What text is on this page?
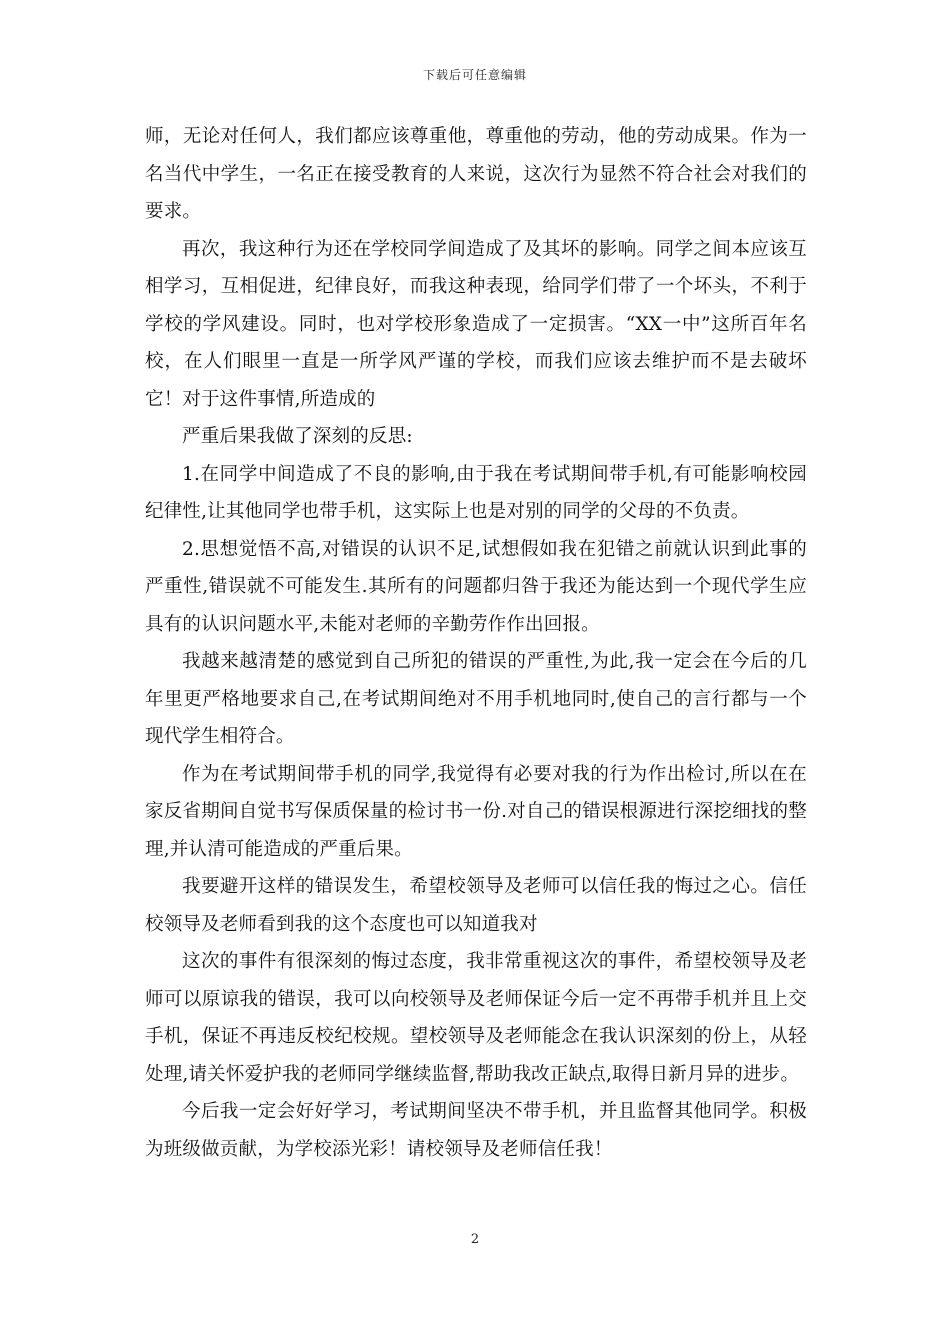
下载后可任意编辑

师，无论对任何人，我们都应该尊重他，尊重他的劳动，他的劳动成果。作为一名当代中学生，一名正在接受教育的人来说，这次行为显然不符合社会对我们的要求。

再次，我这种行为还在学校同学间造成了及其坏的影响。同学之间本应该互相学习，互相促进，纪律良好，而我这种表现，给同学们带了一个坏头，不利于学校的学风建设。同时，也对学校形象造成了一定损害。“XX一中”这所百年名校，在人们眼里一直是一所学风严谨的学校，而我们应该去维护而不是去破坏它！对于这件事情,所造成的

严重后果我做了深刻的反思:

1.在同学中间造成了不良的影响,由于我在考试期间带手机,有可能影响校园纪律性,让其他同学也带手机，这实际上也是对别的同学的父母的不负责。

2.思想觉悟不高,对错误的认识不足,试想假如我在犯错之前就认识到此事的严重性,错误就不可能发生.其所有的问题都归咎于我还为能达到一个现代学生应具有的认识问题水平,未能对老师的辛勤劳作作出回报。

我越来越清楚的感觉到自己所犯的错误的严重性,为此,我一定会在今后的几年里更严格地要求自己,在考试期间绝对不用手机地同时,使自己的言行都与一个现代学生相符合。

作为在考试期间带手机的同学,我觉得有必要对我的行为作出检讨,所以在在家反省期间自觉书写保质保量的检讨书一份.对自己的错误根源进行深挖细找的整理,并认清可能造成的严重后果。

我要避开这样的错误发生，希望校领导及老师可以信任我的悔过之心。信任校领导及老师看到我的这个态度也可以知道我对

这次的事件有很深刻的悔过态度，我非常重视这次的事件，希望校领导及老师可以原谅我的错误，我可以向校领导及老师保证今后一定不再带手机并且上交手机，保证不再违反校纪校规。望校领导及老师能念在我认识深刻的份上，从轻处理,请关怀爱护我的老师同学继续监督,帮助我改正缺点,取得日新月异的进步。

今后我一定会好好学习，考试期间坚决不带手机，并且监督其他同学。积极为班级做贡献，为学校添光彩！请校领导及老师信任我！

2
